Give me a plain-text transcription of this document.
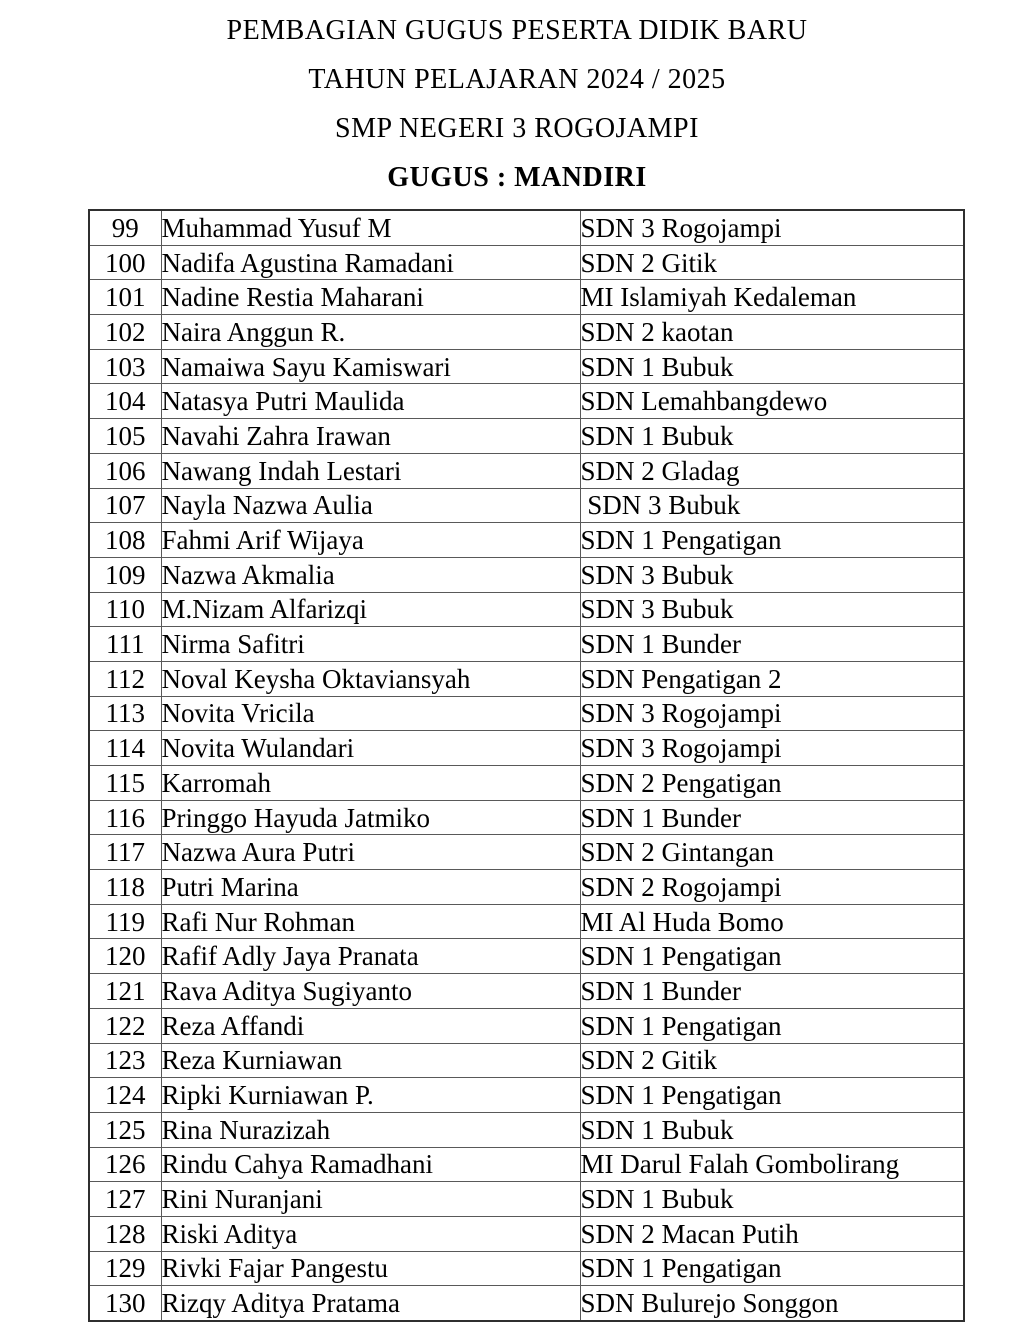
PEMBAGIAN GUGUS PESERTA DIDIK BARU
TAHUN PELAJARAN 2024 / 2025
SMP NEGERI 3 ROGOJAMPI
GUGUS : MANDIRI
99	Muhammad Yusuf M	SDN 3 Rogojampi
100	Nadifa Agustina Ramadani	SDN 2 Gitik
101	Nadine Restia Maharani	MI Islamiyah Kedaleman
102	Naira Anggun R.	SDN 2 kaotan
103	Namaiwa Sayu Kamiswari	SDN 1 Bubuk
104	Natasya Putri Maulida	SDN Lemahbangdewo
105	Navahi Zahra Irawan	SDN 1 Bubuk
106	Nawang Indah Lestari	SDN 2 Gladag
107	Nayla Nazwa Aulia	SDN 3 Bubuk
108	Fahmi Arif Wijaya	SDN 1 Pengatigan
109	Nazwa Akmalia	SDN 3 Bubuk
110	M.Nizam Alfarizqi	SDN 3 Bubuk
111	Nirma Safitri	SDN 1 Bunder
112	Noval Keysha Oktaviansyah	SDN Pengatigan 2
113	Novita Vricila	SDN 3 Rogojampi
114	Novita Wulandari	SDN 3 Rogojampi
115	Karromah	SDN 2 Pengatigan
116	Pringgo Hayuda Jatmiko	SDN 1 Bunder
117	Nazwa Aura Putri	SDN 2 Gintangan
118	Putri Marina	SDN 2 Rogojampi
119	Rafi Nur Rohman	MI Al Huda Bomo
120	Rafif Adly Jaya Pranata	SDN 1 Pengatigan
121	Rava Aditya Sugiyanto	SDN 1 Bunder
122	Reza Affandi	SDN 1 Pengatigan
123	Reza Kurniawan	SDN 2 Gitik
124	Ripki Kurniawan P.	SDN 1 Pengatigan
125	Rina Nurazizah	SDN 1 Bubuk
126	Rindu Cahya Ramadhani	MI Darul Falah Gombolirang
127	Rini Nuranjani	SDN 1 Bubuk
128	Riski Aditya	SDN 2 Macan Putih
129	Rivki Fajar Pangestu	SDN 1 Pengatigan
130	Rizqy Aditya Pratama	SDN Bulurejo Songgon
